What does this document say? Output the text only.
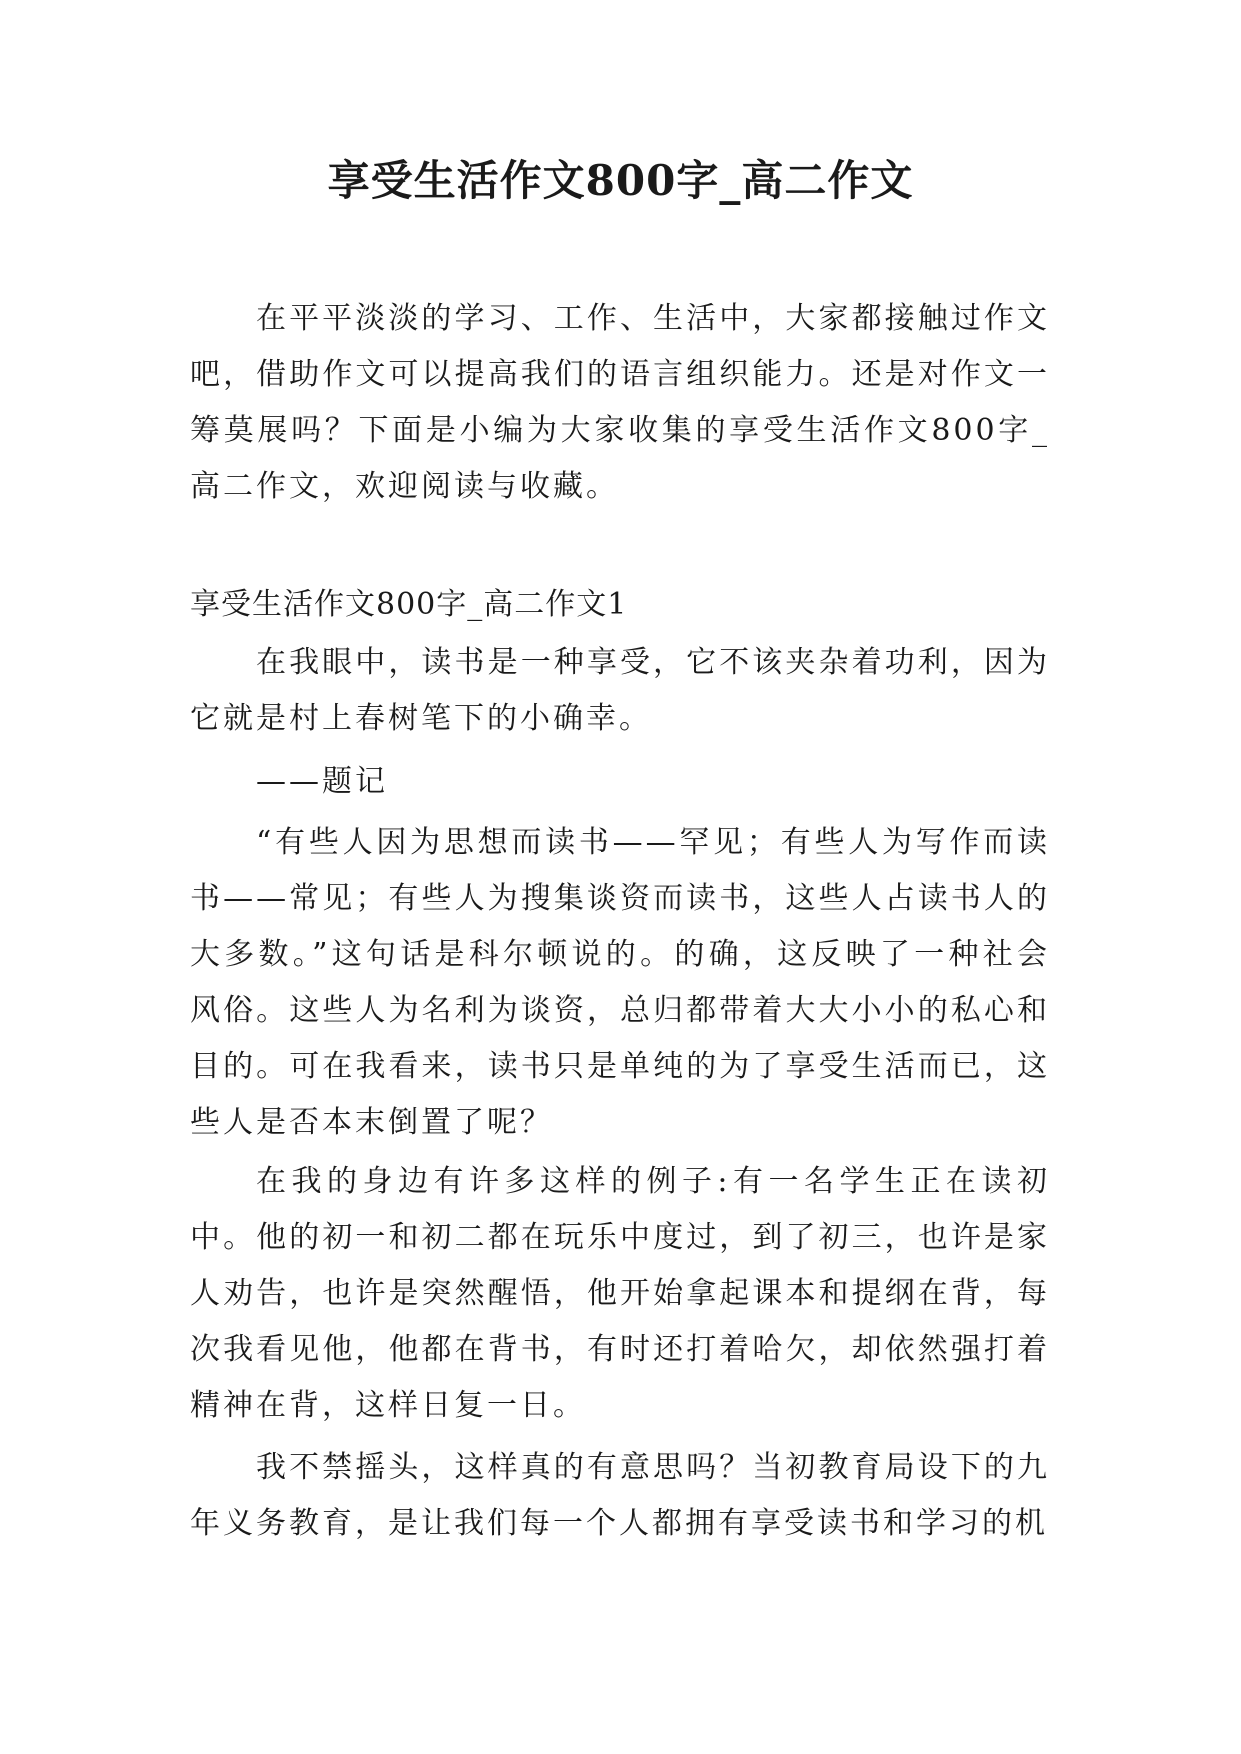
享受生活作文800字_高二作文
在平平淡淡的学习、工作、生活中，大家都接触过作文吧，借助作文可以提高我们的语言组织能力。还是对作文一筹莫展吗？下面是小编为大家收集的享受生活作文800字_高二作文，欢迎阅读与收藏。
享受生活作文800字_高二作文1
在我眼中，读书是一种享受，它不该夹杂着功利，因为它就是村上春树笔下的小确幸。
——题记
“有些人因为思想而读书——罕见；有些人为写作而读书——常见；有些人为搜集谈资而读书，这些人占读书人的大多数。”这句话是科尔顿说的。的确，这反映了一种社会风俗。这些人为名利为谈资，总归都带着大大小小的私心和目的。可在我看来，读书只是单纯的为了享受生活而已，这些人是否本末倒置了呢？
在我的身边有许多这样的例子:有一名学生正在读初中。他的初一和初二都在玩乐中度过，到了初三，也许是家人劝告，也许是突然醒悟，他开始拿起课本和提纲在背，每次我看见他，他都在背书，有时还打着哈欠，却依然强打着精神在背，这样日复一日。
我不禁摇头，这样真的有意思吗？当初教育局设下的九年义务教育，是让我们每一个人都拥有享受读书和学习的机
